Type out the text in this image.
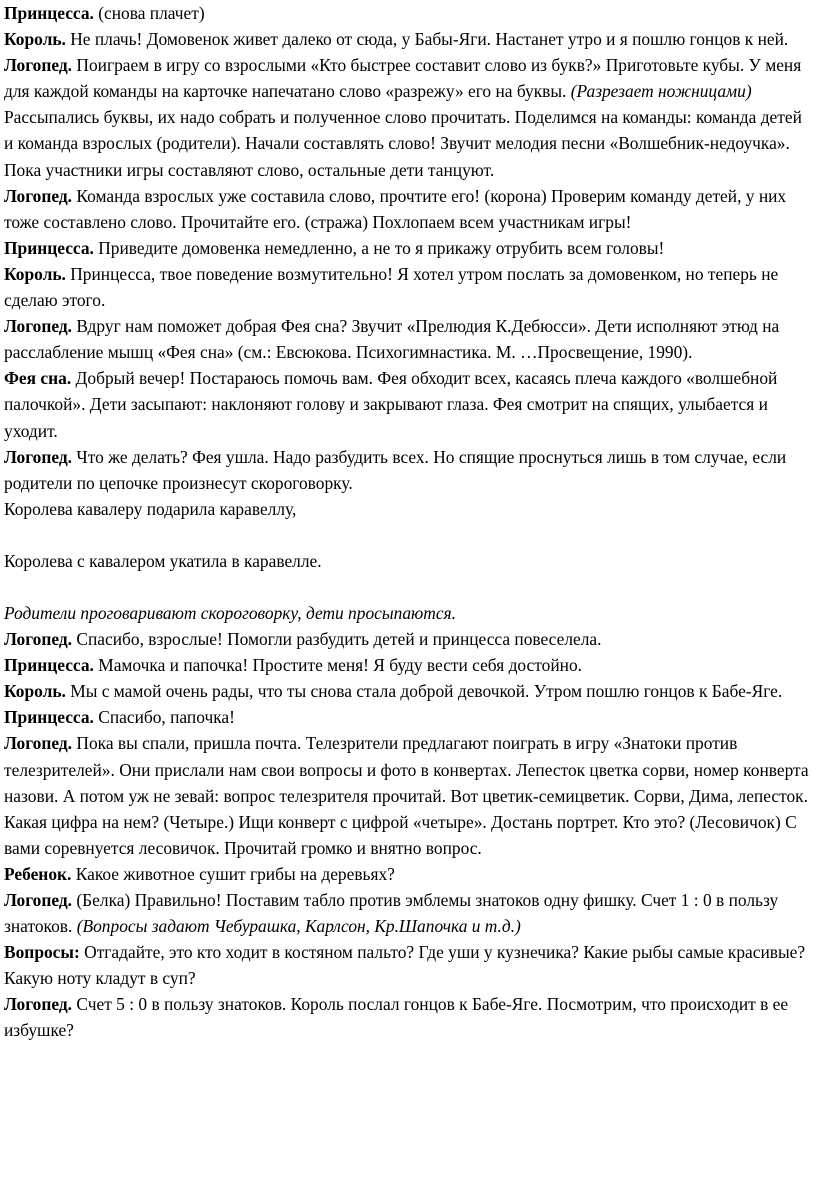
Принцесса. (снова плачет)

Король. Не плачь! Домовенок живет далеко от сюда, у Бабы-Яги. Настанет утро и я пошлю гонцов к ней.

Логопед. Поиграем в игру со взрослыми «Кто быстрее составит слово из букв?» Приготовьте кубы. У меня для каждой команды на карточке напечатано слово «разрежу» его на буквы. (Разрезает ножницами) Рассыпались буквы, их надо собрать и полученное слово прочитать. Поделимся на команды: команда детей и команда взрослых (родители). Начали составлять слово! Звучит мелодия песни «Волшебник-недоучка». Пока участники игры составляют слово, остальные дети танцуют.

Логопед. Команда взрослых уже составила слово, прочтите его! (корона) Проверим команду детей, у них тоже составлено слово. Прочитайте его. (стража) Похлопаем всем участникам игры!

Принцесса. Приведите домовенка немедленно, а не то я прикажу отрубить всем головы!

Король. Принцесса, твое поведение возмутительно! Я хотел утром послать за домовенком, но теперь не сделаю этого.

Логопед. Вдруг нам поможет добрая Фея сна? Звучит «Прелюдия К.Дебюсси». Дети исполняют этюд на расслабление мышц «Фея сна» (см.: Евсюкова. Психогимнастика. М. …Просвещение, 1990).

Фея сна. Добрый вечер! Постараюсь помочь вам. Фея обходит всех, касаясь плеча каждого «волшебной палочкой». Дети засыпают: наклоняют голову и закрывают глаза. Фея смотрит на спящих, улыбается и уходит.

Логопед. Что же делать? Фея ушла. Надо разбудить всех. Но спящие проснуться лишь в том случае, если родители по цепочке произнесут скороговорку.

Королева кавалеру подарила каравеллу,

Королева с кавалером укатила в каравелле.

Родители проговаривают скороговорку, дети просыпаются.

Логопед. Спасибо, взрослые! Помогли разбудить детей и принцесса повеселела.

Принцесса. Мамочка и папочка! Простите меня! Я буду вести себя достойно.

Король. Мы с мамой очень рады, что ты снова стала доброй девочкой. Утром пошлю гонцов к Бабе-Яге.

Принцесса. Спасибо, папочка!

Логопед. Пока вы спали, пришла почта. Телезрители предлагают поиграть в игру «Знатоки против телезрителей». Они прислали нам свои вопросы и фото в конвертах. Лепесток цветка сорви, номер конверта назови. А потом уж не зевай: вопрос телезрителя прочитай. Вот цветик-семицветик. Сорви, Дима, лепесток. Какая цифра на нем? (Четыре.) Ищи конверт с цифрой «четыре». Достань портрет. Кто это? (Лесовичок) С вами соревнуется лесовичок. Прочитай громко и внятно вопрос.

Ребенок. Какое животное сушит грибы на деревьях?

Логопед. (Белка) Правильно! Поставим табло против эмблемы знатоков одну фишку. Счет 1 : 0 в пользу знатоков. (Вопросы задают Чебурашка, Карлсон, Кр.Шапочка и т.д.)

Вопросы: Отгадайте, это кто ходит в костяном пальто? Где уши у кузнечика? Какие рыбы самые красивые? Какую ноту кладут в суп?

Логопед. Счет 5 : 0 в пользу знатоков. Король послал гонцов к Бабе-Яге. Посмотрим, что происходит в ее избушке?
